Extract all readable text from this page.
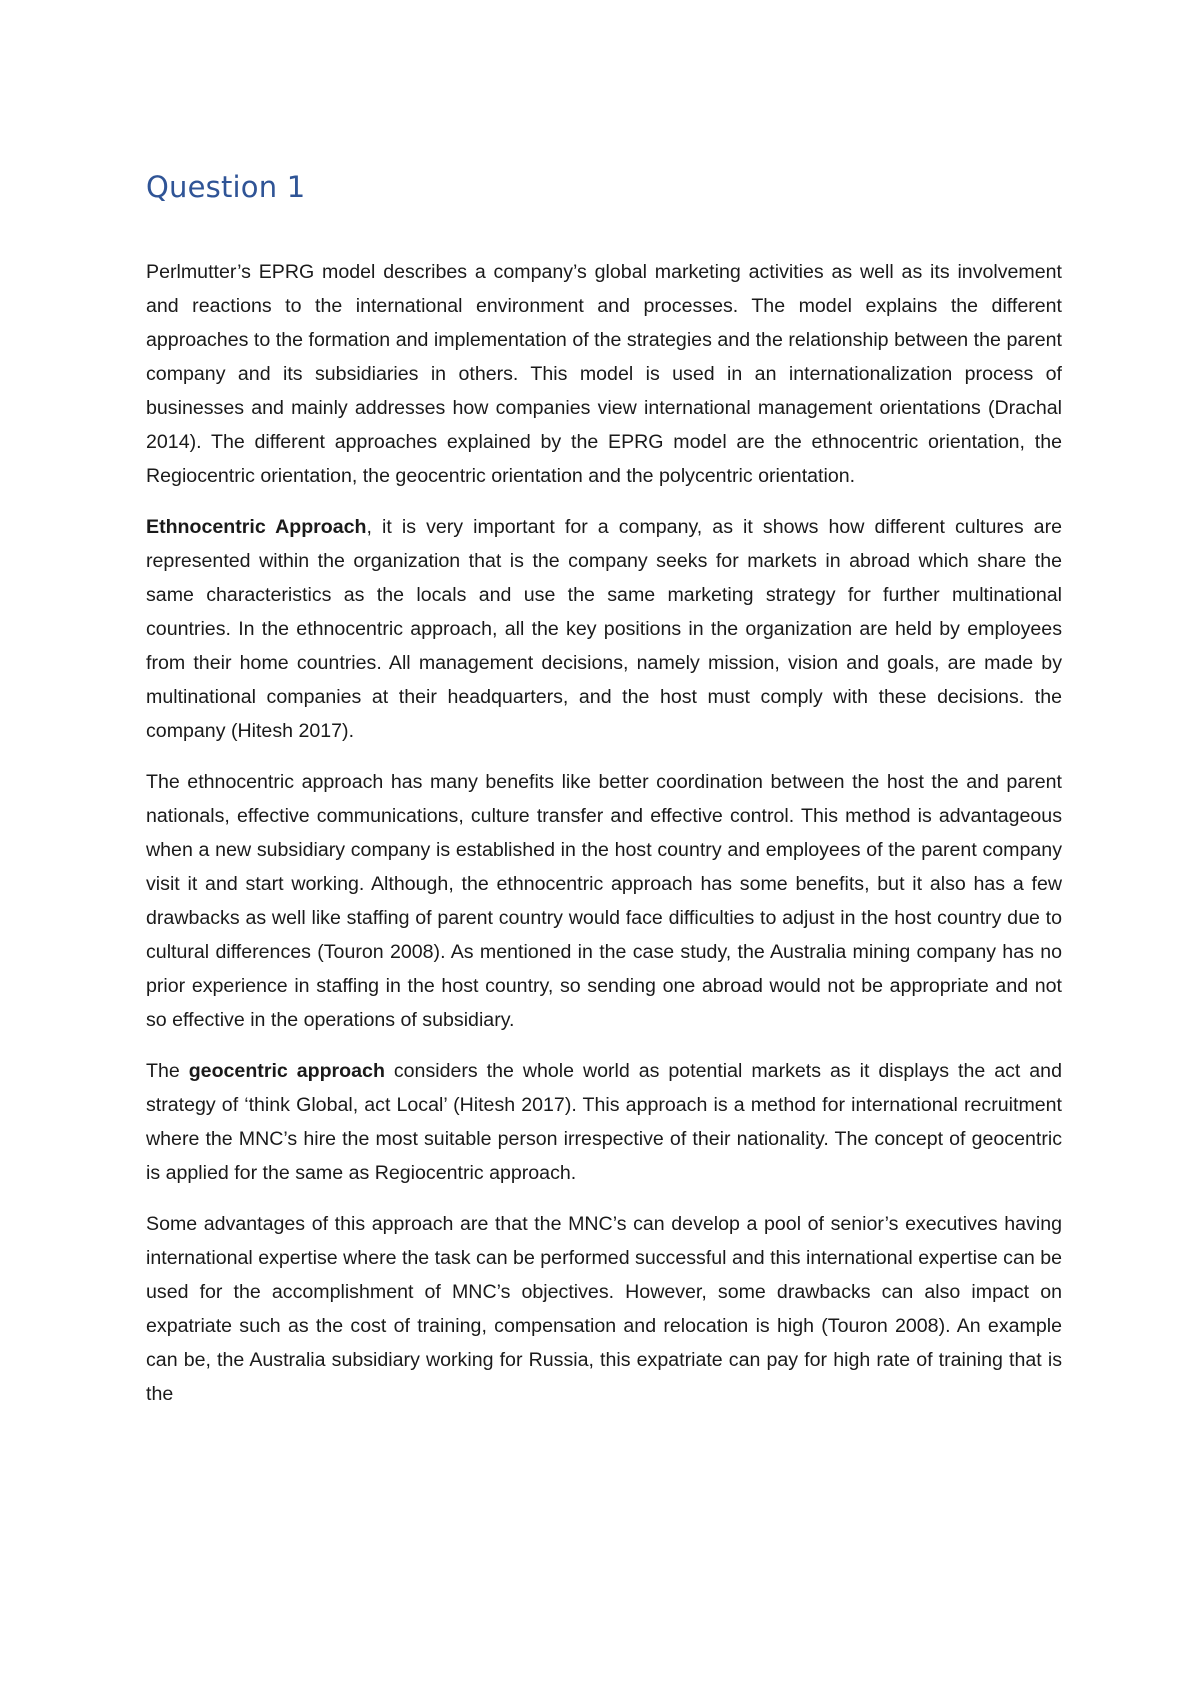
Question 1

Perlmutter’s EPRG model describes a company’s global marketing activities as well as its involvement and reactions to the international environment and processes. The model explains the different approaches to the formation and implementation of the strategies and the relationship between the parent company and its subsidiaries in others. This model is used in an internationalization process of businesses and mainly addresses how companies view international management orientations (Drachal 2014). The different approaches explained by the EPRG model are the ethnocentric orientation, the Regiocentric orientation, the geocentric orientation and the polycentric orientation.

Ethnocentric Approach, it is very important for a company, as it shows how different cultures are represented within the organization that is the company seeks for markets in abroad which share the same characteristics as the locals and use the same marketing strategy for further multinational countries. In the ethnocentric approach, all the key positions in the organization are held by employees from their home countries. All management decisions, namely mission, vision and goals, are made by multinational companies at their headquarters, and the host must comply with these decisions. the company (Hitesh 2017).

The ethnocentric approach has many benefits like better coordination between the host the and parent nationals, effective communications, culture transfer and effective control. This method is advantageous when a new subsidiary company is established in the host country and employees of the parent company visit it and start working. Although, the ethnocentric approach has some benefits, but it also has a few drawbacks as well like staffing of parent country would face difficulties to adjust in the host country due to cultural differences (Touron 2008). As mentioned in the case study, the Australia mining company has no prior experience in staffing in the host country, so sending one abroad would not be appropriate and not so effective in the operations of subsidiary.

The geocentric approach considers the whole world as potential markets as it displays the act and strategy of ‘think Global, act Local’ (Hitesh 2017). This approach is a method for international recruitment where the MNC’s hire the most suitable person irrespective of their nationality. The concept of geocentric is applied for the same as Regiocentric approach.

Some advantages of this approach are that the MNC’s can develop a pool of senior’s executives having international expertise where the task can be performed successful and this international expertise can be used for the accomplishment of MNC’s objectives. However, some drawbacks can also impact on expatriate such as the cost of training, compensation and relocation is high (Touron 2008). An example can be, the Australia subsidiary working for Russia, this expatriate can pay for high rate of training that is the
